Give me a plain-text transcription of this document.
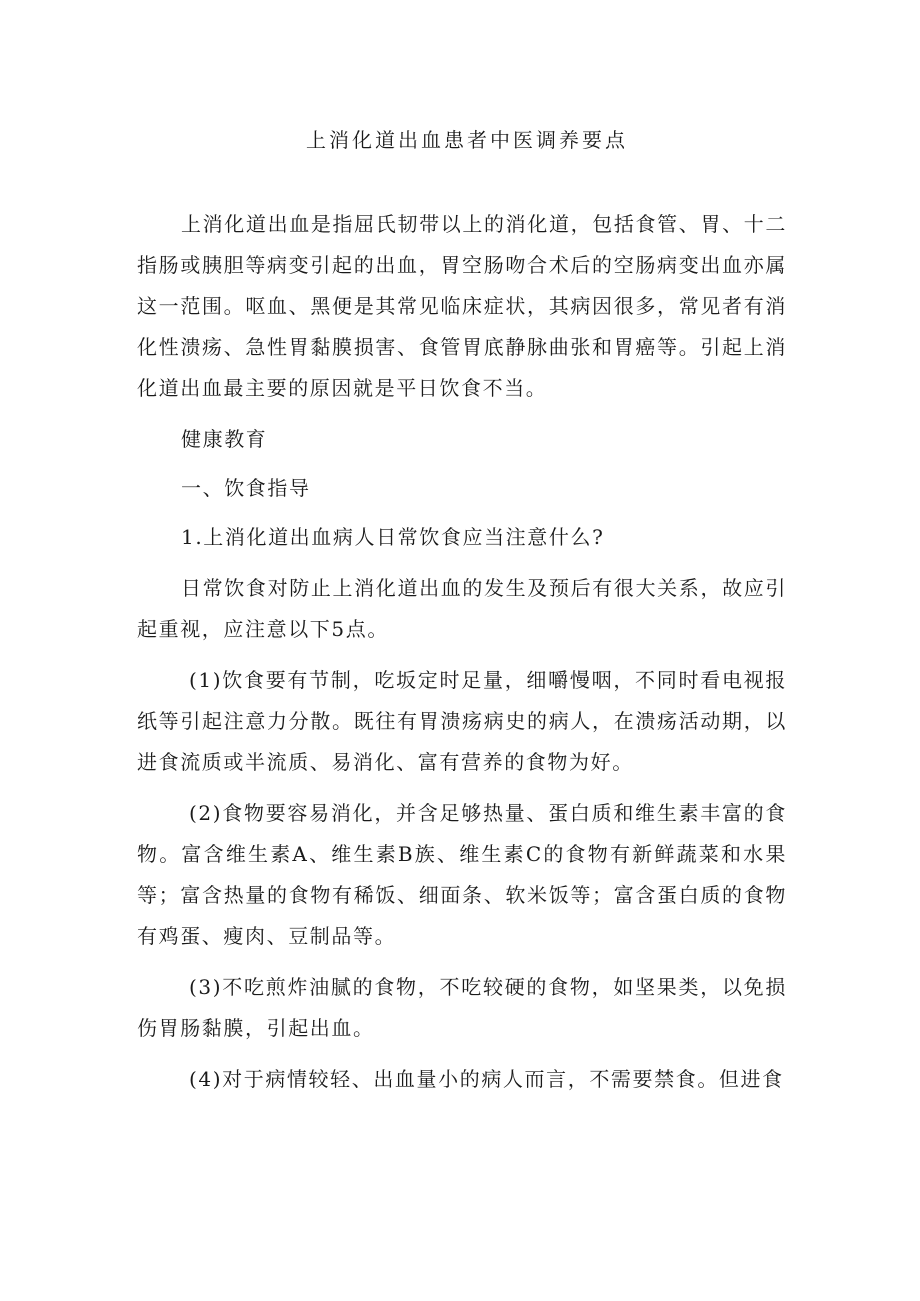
上消化道出血患者中医调养要点

上消化道出血是指屈氏韧带以上的消化道，包括食管、胃、十二指肠或胰胆等病变引起的出血，胃空肠吻合术后的空肠病变出血亦属这一范围。呕血、黑便是其常见临床症状，其病因很多，常见者有消化性溃疡、急性胃黏膜损害、食管胃底静脉曲张和胃癌等。引起上消化道出血最主要的原因就是平日饮食不当。

健康教育

一、饮食指导

1.上消化道出血病人日常饮食应当注意什么?

日常饮食对防止上消化道出血的发生及预后有很大关系，故应引起重视，应注意以下5点。

(1)饮食要有节制，吃坂定时足量，细嚼慢咽，不同时看电视报纸等引起注意力分散。既往有胃溃疡病史的病人，在溃疡活动期，以进食流质或半流质、易消化、富有营养的食物为好。

(2)食物要容易消化，并含足够热量、蛋白质和维生素丰富的食物。富含维生素A、维生素B族、维生素C的食物有新鲜蔬菜和水果等；富含热量的食物有稀饭、细面条、软米饭等；富含蛋白质的食物有鸡蛋、瘦肉、豆制品等。

(3)不吃煎炸油腻的食物，不吃较硬的食物，如坚果类，以免损伤胃肠黏膜，引起出血。

(4)对于病情较轻、出血量小的病人而言，不需要禁食。但进食
